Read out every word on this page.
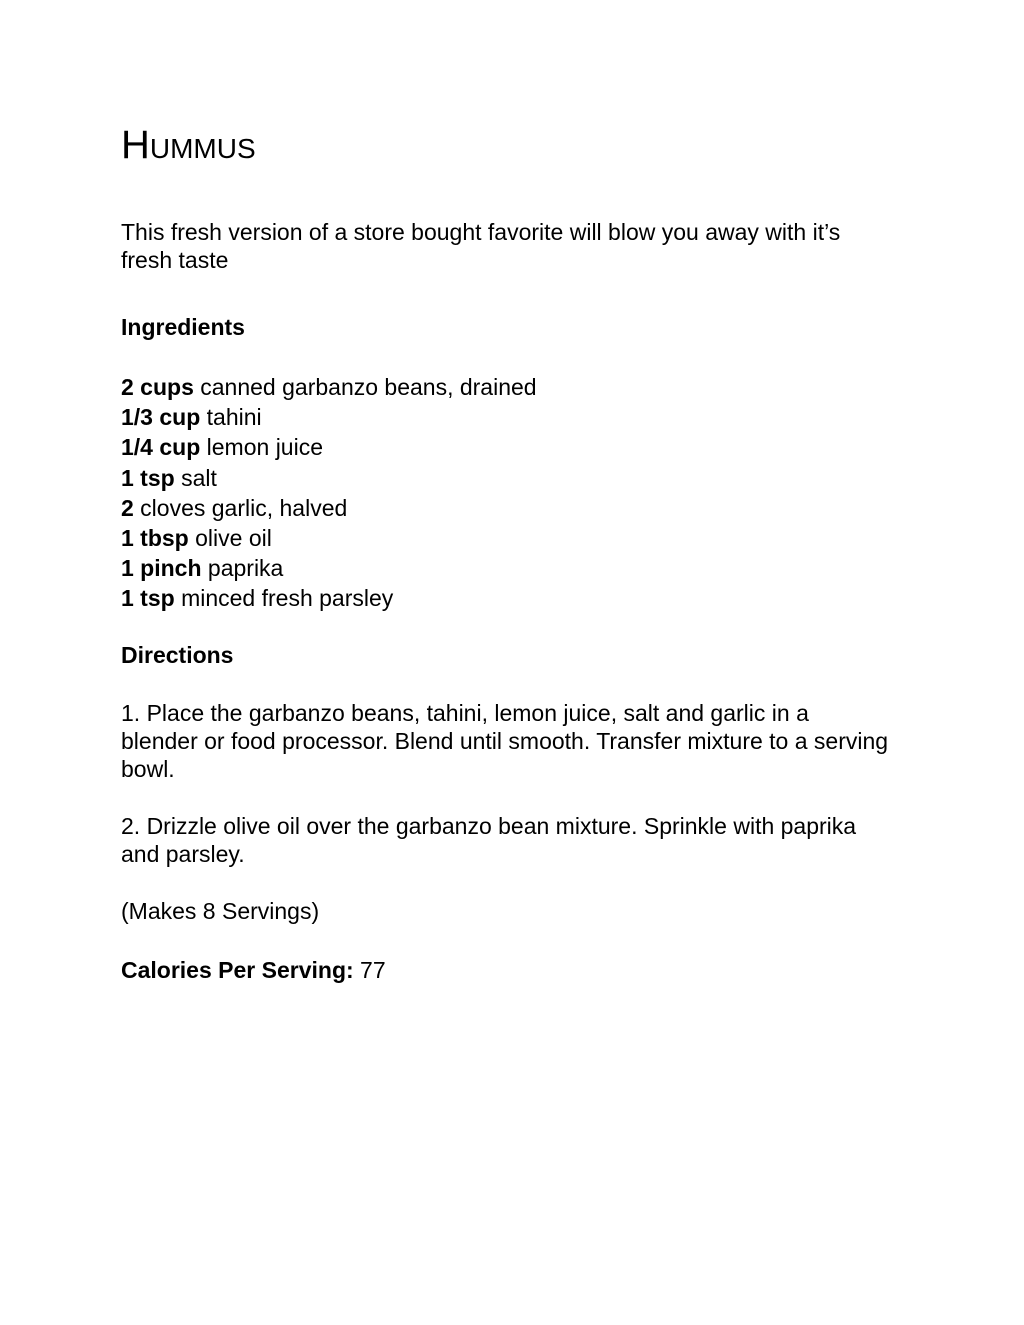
Hummus

This fresh version of a store bought favorite will blow you away with it’s fresh taste

Ingredients
2 cups canned garbanzo beans, drained
1/3 cup tahini
1/4 cup lemon juice
1 tsp salt
2 cloves garlic, halved
1 tbsp olive oil
1 pinch paprika
1 tsp minced fresh parsley
Directions

1. Place the garbanzo beans, tahini, lemon juice, salt and garlic in a blender or food processor. Blend until smooth. Transfer mixture to a serving bowl.

2. Drizzle olive oil over the garbanzo bean mixture. Sprinkle with paprika and parsley.

(Makes 8 Servings)

Calories Per Serving: 77
